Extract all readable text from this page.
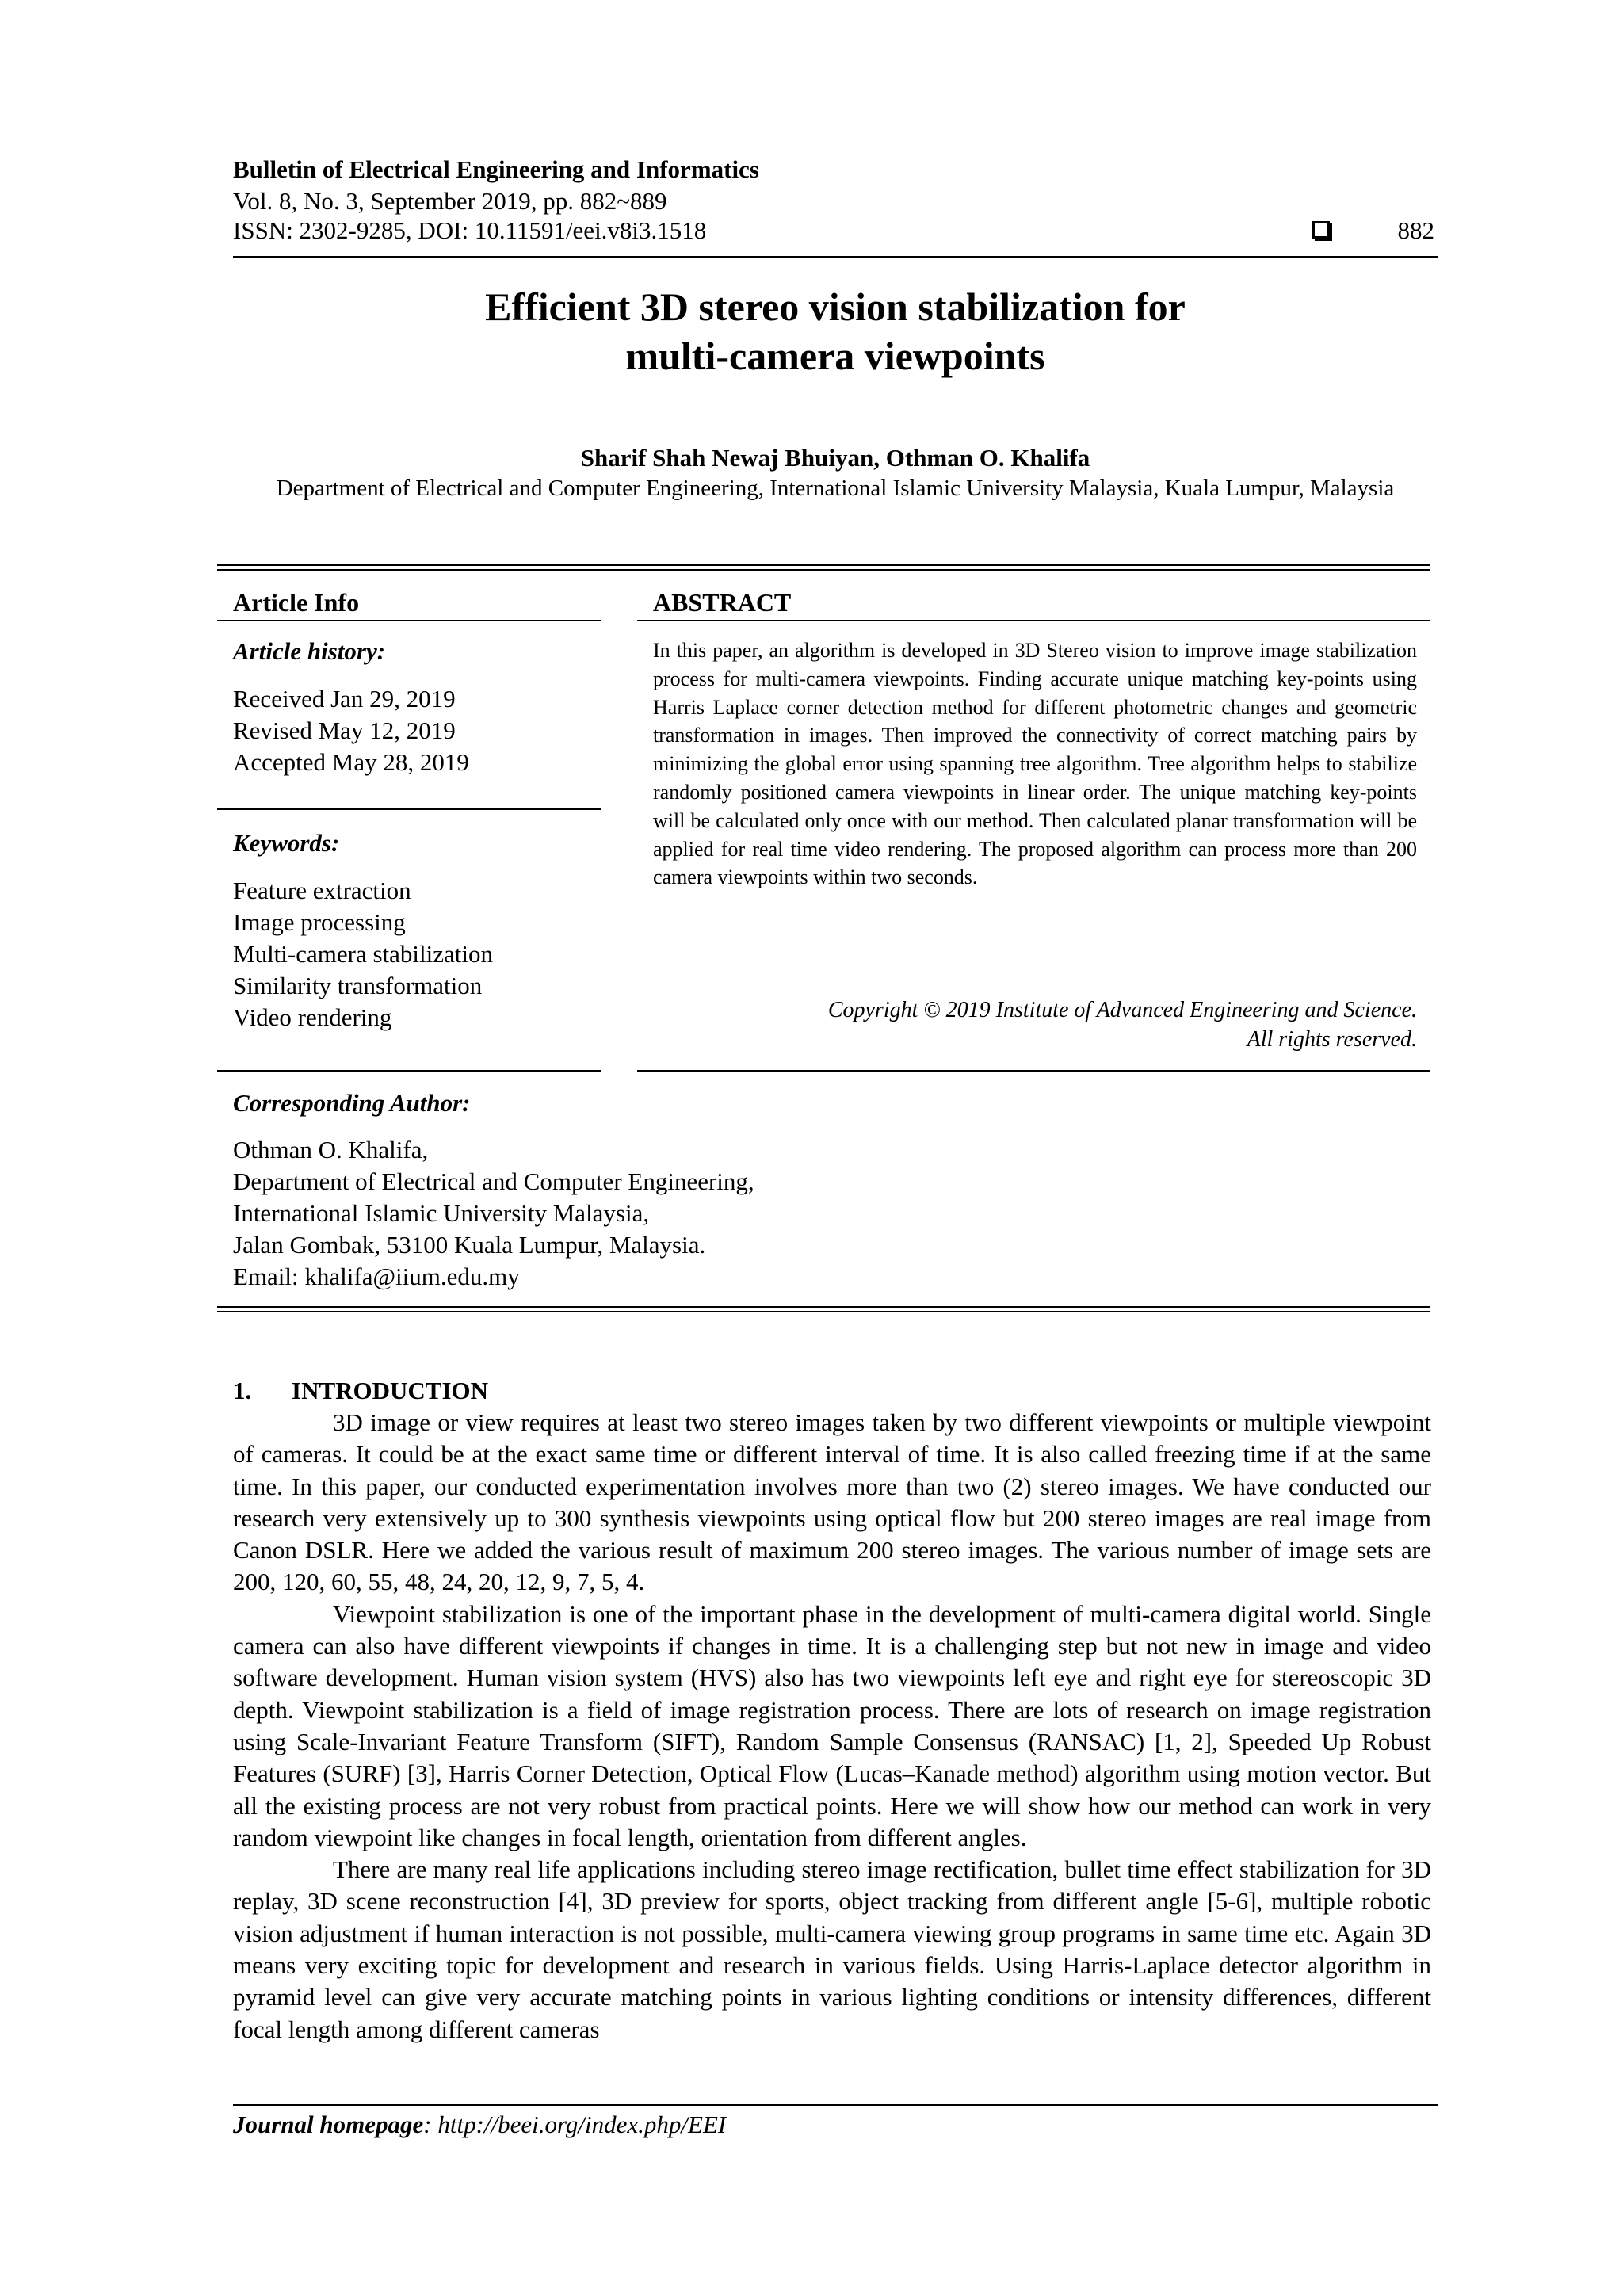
Bulletin of Electrical Engineering and Informatics
Vol. 8, No. 3, September 2019, pp. 882~889
ISSN: 2302-9285, DOI: 10.11591/eei.v8i3.1518	882
Efficient 3D stereo vision stabilization for
multi-camera viewpoints
Sharif Shah Newaj Bhuiyan, Othman O. Khalifa
Department of Electrical and Computer Engineering, International Islamic University Malaysia, Kuala Lumpur, Malaysia
Article Info
Article history:
Received Jan 29, 2019
Revised May 12, 2019
Accepted May 28, 2019
Keywords:
Feature extraction
Image processing
Multi-camera stabilization
Similarity transformation
Video rendering
ABSTRACT
In this paper, an algorithm is developed in 3D Stereo vision to improve image stabilization process for multi-camera viewpoints. Finding accurate unique matching key-points using Harris Laplace corner detection method for different photometric changes and geometric transformation in images. Then improved the connectivity of correct matching pairs by minimizing the global error using spanning tree algorithm. Tree algorithm helps to stabilize randomly positioned camera viewpoints in linear order. The unique matching key-points will be calculated only once with our method. Then calculated planar transformation will be applied for real time video rendering. The proposed algorithm can process more than 200 camera viewpoints within two seconds.
Copyright © 2019 Institute of Advanced Engineering and Science.
All rights reserved.
Corresponding Author:
Othman O. Khalifa,
Department of Electrical and Computer Engineering,
International Islamic University Malaysia,
Jalan Gombak, 53100 Kuala Lumpur, Malaysia.
Email: khalifa@iium.edu.my
1. INTRODUCTION

3D image or view requires at least two stereo images taken by two different viewpoints or multiple viewpoint of cameras. It could be at the exact same time or different interval of time. It is also called freezing time if at the same time. In this paper, our conducted experimentation involves more than two (2) stereo images. We have conducted our research very extensively up to 300 synthesis viewpoints using optical flow but 200 stereo images are real image from Canon DSLR. Here we added the various result of maximum 200 stereo images. The various number of image sets are 200, 120, 60, 55, 48, 24, 20, 12, 9, 7, 5, 4.

Viewpoint stabilization is one of the important phase in the development of multi-camera digital world. Single camera can also have different viewpoints if changes in time. It is a challenging step but not new in image and video software development. Human vision system (HVS) also has two viewpoints left eye and right eye for stereoscopic 3D depth. Viewpoint stabilization is a field of image registration process. There are lots of research on image registration using Scale-Invariant Feature Transform (SIFT), Random Sample Consensus (RANSAC) [1, 2], Speeded Up Robust Features (SURF) [3], Harris Corner Detection, Optical Flow (Lucas–Kanade method) algorithm using motion vector. But all the existing process are not very robust from practical points. Here we will show how our method can work in very random viewpoint like changes in focal length, orientation from different angles.

There are many real life applications including stereo image rectification, bullet time effect stabilization for 3D replay, 3D scene reconstruction [4], 3D preview for sports, object tracking from different angle [5-6], multiple robotic vision adjustment if human interaction is not possible, multi-camera viewing group programs in same time etc. Again 3D means very exciting topic for development and research in various fields. Using Harris-Laplace detector algorithm in pyramid level can give very accurate matching points in various lighting conditions or intensity differences, different focal length among different cameras

Journal homepage: http://beei.org/index.php/EEI
